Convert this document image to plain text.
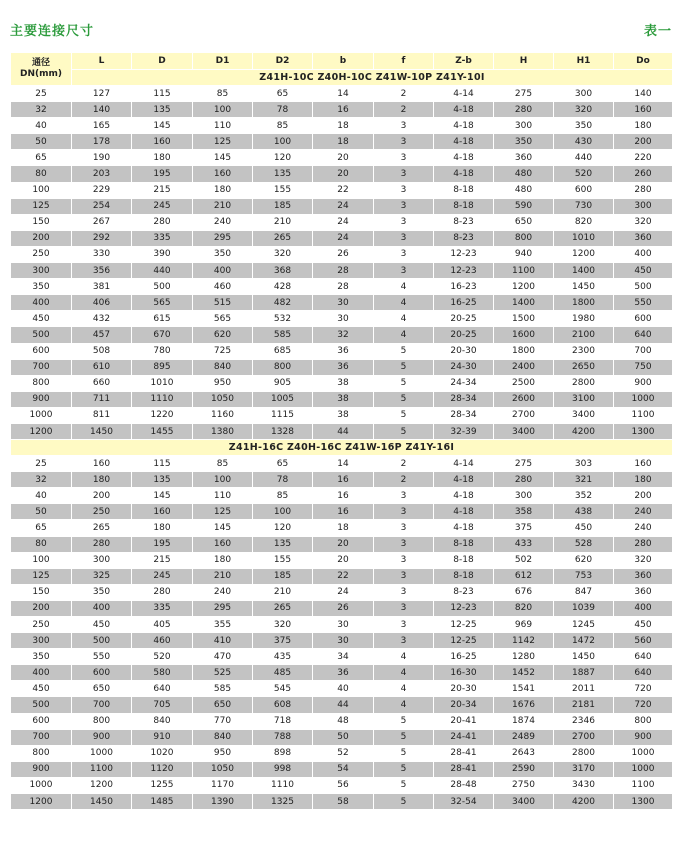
主要连接尺寸	表一
通径
DN(mm)	L	D	D1	D2	b	f	Z-b	H	H1	Do
	Z41H-10C Z40H-10C Z41W-10P Z41Y-10I									
25	127	115	85	65	14	2	4-14	275	300	140
32	140	135	100	78	16	2	4-18	280	320	160
40	165	145	110	85	18	3	4-18	300	350	180
50	178	160	125	100	18	3	4-18	350	430	200
65	190	180	145	120	20	3	4-18	360	440	220
80	203	195	160	135	20	3	4-18	480	520	260
100	229	215	180	155	22	3	8-18	480	600	280
125	254	245	210	185	24	3	8-18	590	730	300
150	267	280	240	210	24	3	8-23	650	820	320
200	292	335	295	265	24	3	8-23	800	1010	360
250	330	390	350	320	26	3	12-23	940	1200	400
300	356	440	400	368	28	3	12-23	1100	1400	450
350	381	500	460	428	28	4	16-23	1200	1450	500
400	406	565	515	482	30	4	16-25	1400	1800	550
450	432	615	565	532	30	4	20-25	1500	1980	600
500	457	670	620	585	32	4	20-25	1600	2100	640
600	508	780	725	685	36	5	20-30	1800	2300	700
700	610	895	840	800	36	5	24-30	2400	2650	750
800	660	1010	950	905	38	5	24-34	2500	2800	900
900	711	1110	1050	1005	38	5	28-34	2600	3100	1000
1000	811	1220	1160	1115	38	5	28-34	2700	3400	1100
1200	1450	1455	1380	1328	44	5	32-39	3400	4200	1300
Z41H-16C Z40H-16C Z41W-16P Z41Y-16I										
25	160	115	85	65	14	2	4-14	275	303	160
32	180	135	100	78	16	2	4-18	280	321	180
40	200	145	110	85	16	3	4-18	300	352	200
50	250	160	125	100	16	3	4-18	358	438	240
65	265	180	145	120	18	3	4-18	375	450	240
80	280	195	160	135	20	3	8-18	433	528	280
100	300	215	180	155	20	3	8-18	502	620	320
125	325	245	210	185	22	3	8-18	612	753	360
150	350	280	240	210	24	3	8-23	676	847	360
200	400	335	295	265	26	3	12-23	820	1039	400
250	450	405	355	320	30	3	12-25	969	1245	450
300	500	460	410	375	30	3	12-25	1142	1472	560
350	550	520	470	435	34	4	16-25	1280	1450	640
400	600	580	525	485	36	4	16-30	1452	1887	640
450	650	640	585	545	40	4	20-30	1541	2011	720
500	700	705	650	608	44	4	20-34	1676	2181	720
600	800	840	770	718	48	5	20-41	1874	2346	800
700	900	910	840	788	50	5	24-41	2489	2700	900
800	1000	1020	950	898	52	5	28-41	2643	2800	1000
900	1100	1120	1050	998	54	5	28-41	2590	3170	1000
1000	1200	1255	1170	1110	56	5	28-48	2750	3430	1100
1200	1450	1485	1390	1325	58	5	32-54	3400	4200	1300
